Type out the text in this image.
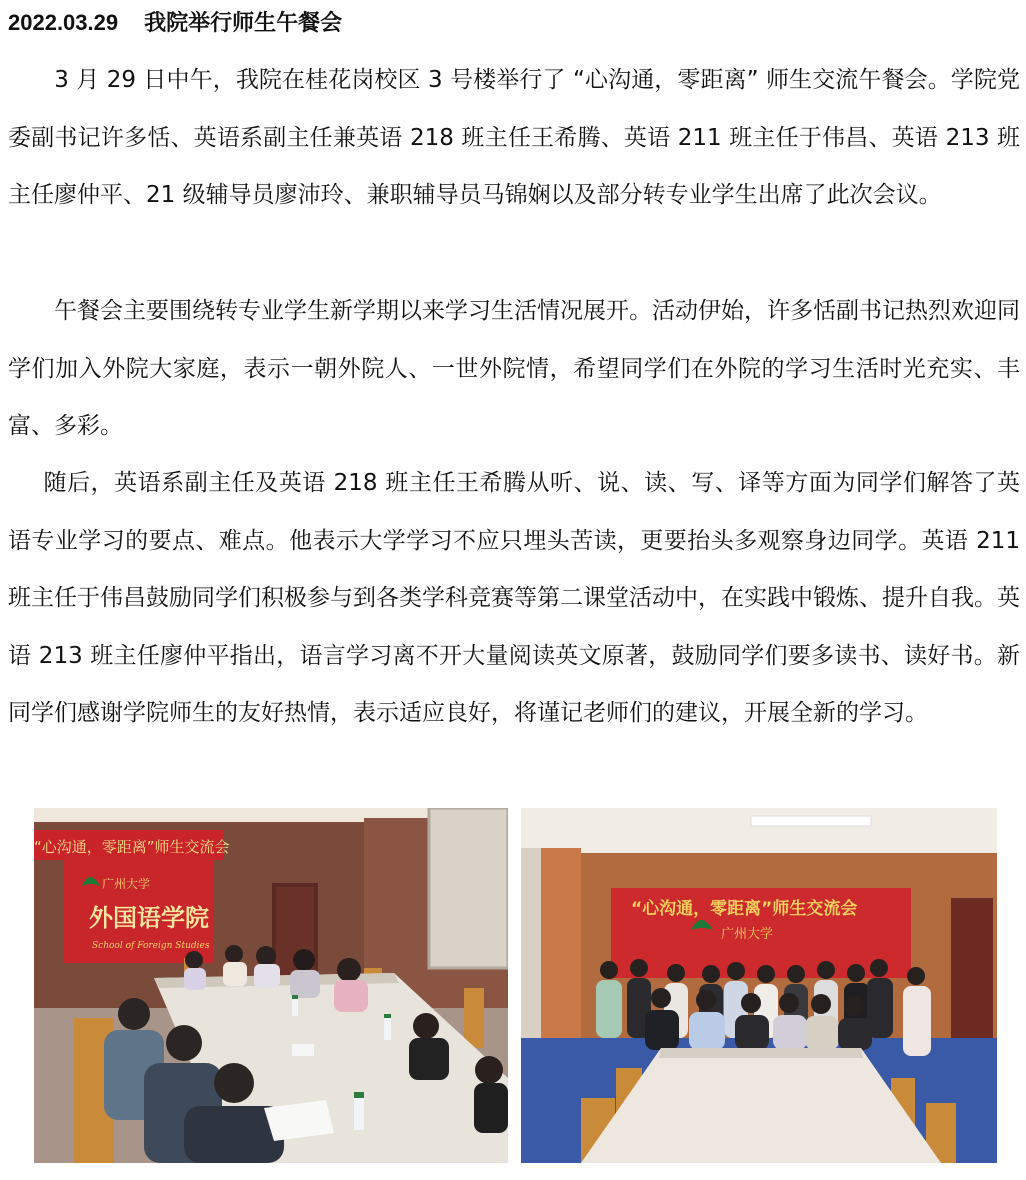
2022.03.29 我院举行师生午餐会
　　3 月 29 日中午，我院在桂花岗校区 3 号楼举行了 “心沟通，零距离” 师生交流午餐会。学院党委副书记许多恬、英语系副主任兼英语 218 班主任王希腾、英语 211 班主任于伟昌、英语 213 班主任廖仲平、21 级辅导员廖沛玲、兼职辅导员马锦娴以及部分转专业学生出席了此次会议。
　　午餐会主要围绕转专业学生新学期以来学习生活情况展开。活动伊始，许多恬副书记热烈欢迎同学们加入外院大家庭，表示一朝外院人、一世外院情，希望同学们在外院的学习生活时光充实、丰富、多彩。
　 随后，英语系副主任及英语 218 班主任王希腾从听、说、读、写、译等方面为同学们解答了英语专业学习的要点、难点。他表示大学学习不应只埋头苦读，更要抬头多观察身边同学。英语 211 班主任于伟昌鼓励同学们积极参与到各类学科竞赛等第二课堂活动中，在实践中锻炼、提升自我。英语 213 班主任廖仲平指出，语言学习离不开大量阅读英文原著，鼓励同学们要多读书、读好书。新同学们感谢学院师生的友好热情，表示适应良好，将谨记老师们的建议，开展全新的学习。
“心沟通，零距离”师生交流会
广州大学
外国语学院
School of Foreign Studies
“心沟通，零距离”师生交流会
广州大学
